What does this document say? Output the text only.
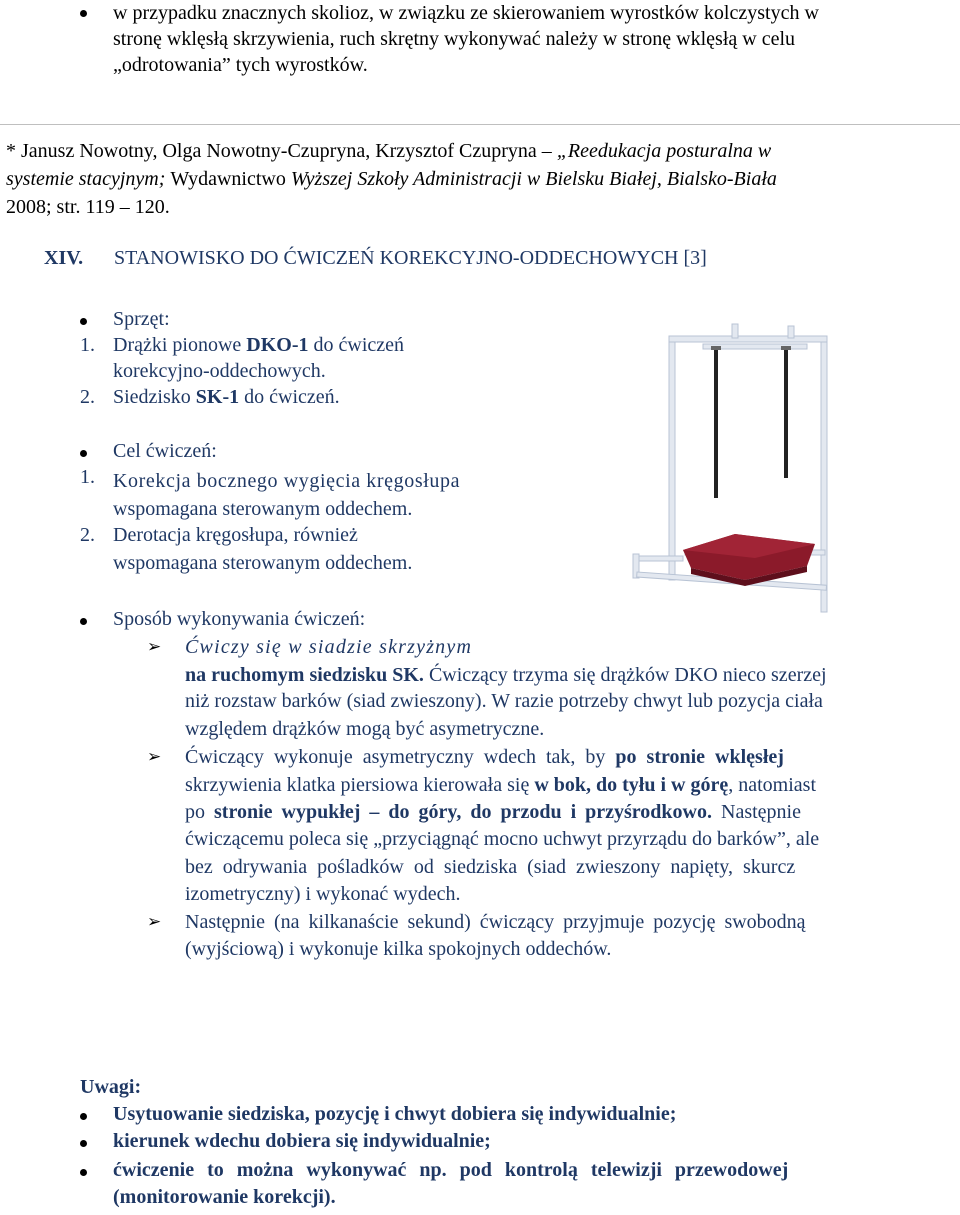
w przypadku znacznych skolioz, w związku ze skierowaniem wyrostków kolczystych w
stronę wklęsłą skrzywienia, ruch skrętny wykonywać należy w stronę wklęsłą w celu
„odrotowania” tych wyrostków.
* Janusz Nowotny, Olga Nowotny-Czupryna, Krzysztof Czupryna – „Reedukacja posturalna w
systemie stacyjnym; Wydawnictwo Wyższej Szkoły Administracji w Bielsku Białej, Bialsko-Biała
2008; str. 119 – 120.
XIV. STANOWISKO DO ĆWICZEŃ KOREKCYJNO-ODDECHOWYCH [3]
Sprzęt:
1. Drążki pionowe DKO-1 do ćwiczeń
korekcyjno-oddechowych.
2. Siedzisko SK-1 do ćwiczeń.
Cel ćwiczeń:
1. Korekcja bocznego wygięcia kręgosłupa
wspomagana sterowanym oddechem.
2. Derotacja kręgosłupa, również
wspomagana sterowanym oddechem.
Sposób wykonywania ćwiczeń:
➢ Ćwiczy się w siadzie skrzyżnym
na ruchomym siedzisku SK. Ćwiczący trzyma się drążków DKO nieco szerzej
niż rozstaw barków (siad zwieszony). W razie potrzeby chwyt lub pozycja ciała
względem drążków mogą być asymetryczne.
➢ Ćwiczący wykonuje asymetryczny wdech tak, by po stronie wklęsłej
skrzywienia klatka piersiowa kierowała się w bok, do tyłu i w górę, natomiast
po stronie wypukłej – do góry, do przodu i przyśrodkowo. Następnie
ćwiczącemu poleca się „przyciągnąć mocno uchwyt przyrządu do barków”, ale
bez odrywania pośladków od siedziska (siad zwieszony napięty, skurcz
izometryczny) i wykonać wydech.
➢ Następnie (na kilkanaście sekund) ćwiczący przyjmuje pozycję swobodną
(wyjściową) i wykonuje kilka spokojnych oddechów.
Uwagi:
Usytuowanie siedziska, pozycję i chwyt dobiera się indywidualnie;
kierunek wdechu dobiera się indywidualnie;
ćwiczenie to można wykonywać np. pod kontrolą telewizji przewodowej
(monitorowanie korekcji).
